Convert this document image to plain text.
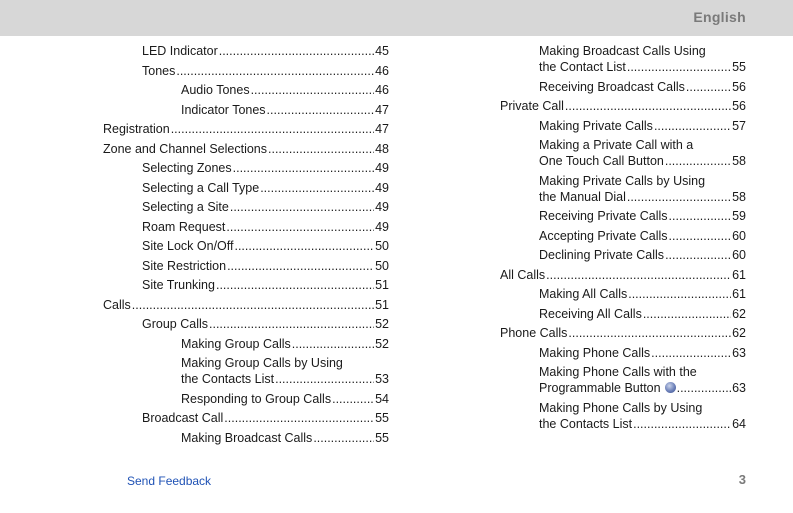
English
LED Indicator .....	45
Tones .....	46
Audio Tones .....	46
Indicator Tones .....	47
Registration .....	47
Zone and Channel Selections .....	48
Selecting Zones .....	49
Selecting a Call Type .....	49
Selecting a Site .....	49
Roam Request .....	49
Site Lock On/Off .....	50
Site Restriction .....	50
Site Trunking .....	51
Calls .....	51
Group Calls .....	52
Making Group Calls .....	52
Making Group Calls by Using
the Contacts List .....	53
Responding to Group Calls .....	54
Broadcast Call .....	55
Making Broadcast Calls .....	55
Making Broadcast Calls Using
the Contact List .....	55
Receiving Broadcast Calls .....	56
Private Call .....	56
Making Private Calls .....	57
Making a Private Call with a
One Touch Call Button .....	58
Making Private Calls by Using
the Manual Dial .....	58
Receiving Private Calls .....	59
Accepting Private Calls .....	60
Declining Private Calls .....	60
All Calls .....	61
Making All Calls .....	61
Receiving All Calls .....	62
Phone Calls .....	62
Making Phone Calls .....	63
Making Phone Calls with the
Programmable Button .....	63
Making Phone Calls by Using
the Contacts List .....	64
Send Feedback	3
